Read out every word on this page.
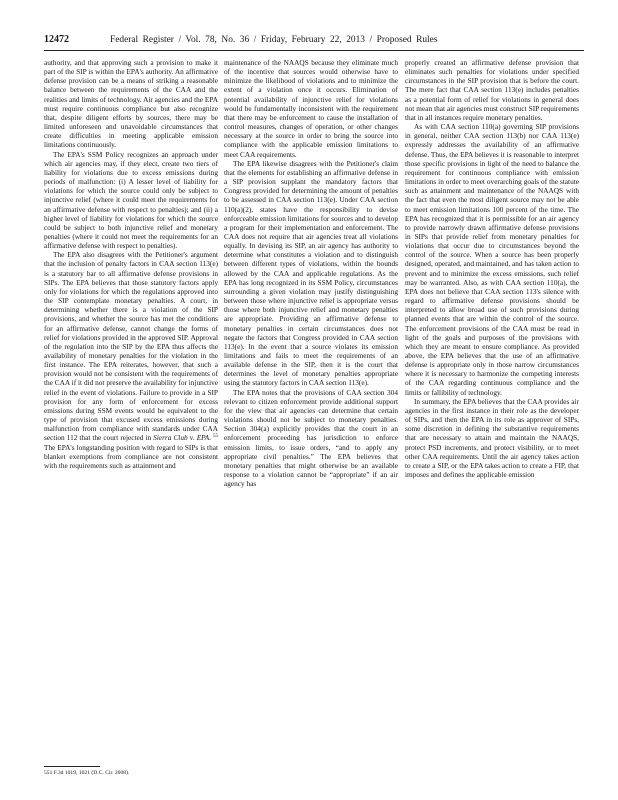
12472	Federal Register / Vol. 78, No. 36 / Friday, February 22, 2013 / Proposed Rules

authority, and that approving such a provision to make it part of the SIP is within the EPA's authority. An affirmative defense provision can be a means of striking a reasonable balance between the requirements of the CAA and the realities and limits of technology. Air agencies and the EPA must require continuous compliance but also recognize that, despite diligent efforts by sources, there may be limited unforeseen and unavoidable circumstances that create difficulties in meeting applicable emission limitations continuously.

The EPA's SSM Policy recognizes an approach under which air agencies may, if they elect, create two tiers of liability for violations due to excess emissions during periods of malfunction: (i) A lesser level of liability for violations for which the source could only be subject to injunctive relief (where it could meet the requirements for an affirmative defense with respect to penalties); and (ii) a higher level of liability for violations for which the source could be subject to both injunctive relief and monetary penalties (where it could not meet the requirements for an affirmative defense with respect to penalties).

The EPA also disagrees with the Petitioner's argument that the inclusion of penalty factors in CAA section 113(e) is a statutory bar to all affirmative defense provisions in SIPs. The EPA believes that those statutory factors apply only for violations for which the regulations approved into the SIP contemplate monetary penalties. A court, in determining whether there is a violation of the SIP provisions, and whether the source has met the conditions for an affirmative defense, cannot change the forms of relief for violations provided in the approved SIP. Approval of the regulation into the SIP by the EPA thus affects the availability of monetary penalties for the violation in the first instance. The EPA reiterates, however, that such a provision would not be consistent with the requirements of the CAA if it did not preserve the availability for injunctive relief in the event of violations. Failure to provide in a SIP provision for any form of enforcement for excess emissions during SSM events would be equivalent to the type of provision that excused excess emissions during malfunction from compliance with standards under CAA section 112 that the court rejected in Sierra Club v. EPA. $^{55}$ The EPA's longstanding position with regard to SIPs is that blanket exemptions from compliance are not consistent with the requirements such as attainment and

maintenance of the NAAQS because they eliminate much of the incentive that sources would otherwise have to minimize the likelihood of violations and to minimize the extent of a violation once it occurs. Elimination of potential availability of injunctive relief for violations would be fundamentally inconsistent with the requirement that there may be enforcement to cause the installation of control measures, changes of operation, or other changes necessary at the source in order to bring the source into compliance with the applicable emission limitations to meet CAA requirements.

The EPA likewise disagrees with the Petitioner's claim that the elements for establishing an affirmative defense in a SIP provision supplant the mandatory factors that Congress provided for determining the amount of penalties to be assessed in CAA section 113(e). Under CAA section 110(a)(2), states have the responsibility to devise enforceable emission limitations for sources and to develop a program for their implementation and enforcement. The CAA does not require that air agencies treat all violations equally. In devising its SIP, an air agency has authority to determine what constitutes a violation and to distinguish between different types of violations, within the bounds allowed by the CAA and applicable regulations. As the EPA has long recognized in its SSM Policy, circumstances surrounding a given violation may justify distinguishing between those where injunctive relief is appropriate versus those where both injunctive relief and monetary penalties are appropriate. Providing an affirmative defense to monetary penalties in certain circumstances does not negate the factors that Congress provided in CAA section 113(e). In the event that a source violates its emission limitations and fails to meet the requirements of an available defense in the SIP, then it is the court that determines the level of monetary penalties appropriate using the statutory factors in CAA section 113(e).

The EPA notes that the provisions of CAA section 304 relevant to citizen enforcement provide additional support for the view that air agencies can determine that certain violations should not be subject to monetary penalties. Section 304(a) explicitly provides that the court in an enforcement proceeding has jurisdiction to enforce emission limits, to issue orders, “and to apply any appropriate civil penalties.” The EPA believes that monetary penalties that might otherwise be an available response to a violation cannot be “appropriate” if an air agency has

properly created an affirmative defense provision that eliminates such penalties for violations under specified circumstances in the SIP provision that is before the court. The mere fact that CAA section 113(e) includes penalties as a potential form of relief for violations in general does not mean that air agencies must construct SIP requirements that in all instances require monetary penalties.

As with CAA section 110(a) governing SIP provisions in general, neither CAA section 113(b) nor CAA 113(e) expressly addresses the availability of an affirmative defense. Thus, the EPA believes it is reasonable to interpret those specific provisions in light of the need to balance the requirement for continuous compliance with emission limitations in order to meet overarching goals of the statute such as attainment and maintenance of the NAAQS with the fact that even the most diligent source may not be able to meet emission limitations 100 percent of the time. The EPA has recognized that it is permissible for an air agency to provide narrowly drawn affirmative defense provisions in SIPs that provide relief from monetary penalties for violations that occur due to circumstances beyond the control of the source. When a source has been properly designed, operated, and maintained, and has taken action to prevent and to minimize the excess emissions, such relief may be warranted. Also, as with CAA section 110(a), the EPA does not believe that CAA section 113's silence with regard to affirmative defense provisions should be interpreted to allow broad use of such provisions during planned events that are within the control of the source. The enforcement provisions of the CAA must be read in light of the goals and purposes of the provisions with which they are meant to ensure compliance. As provided above, the EPA believes that the use of an affirmative defense is appropriate only in those narrow circumstances where it is necessary to harmonize the competing interests of the CAA regarding continuous compliance and the limits or fallibility of technology.

In summary, the EPA believes that the CAA provides air agencies in the first instance in their role as the developer of SIPs, and then the EPA in its role as approver of SIPs, some discretion in defining the substantive requirements that are necessary to attain and maintain the NAAQS, protect PSD increments, and protect visibility, or to meet other CAA requirements. Until the air agency takes action to create a SIP, or the EPA takes action to create a FIP, that imposes and defines the applicable emission

551 F.3d 1019, 1021 (D.C. Cir. 2008).
